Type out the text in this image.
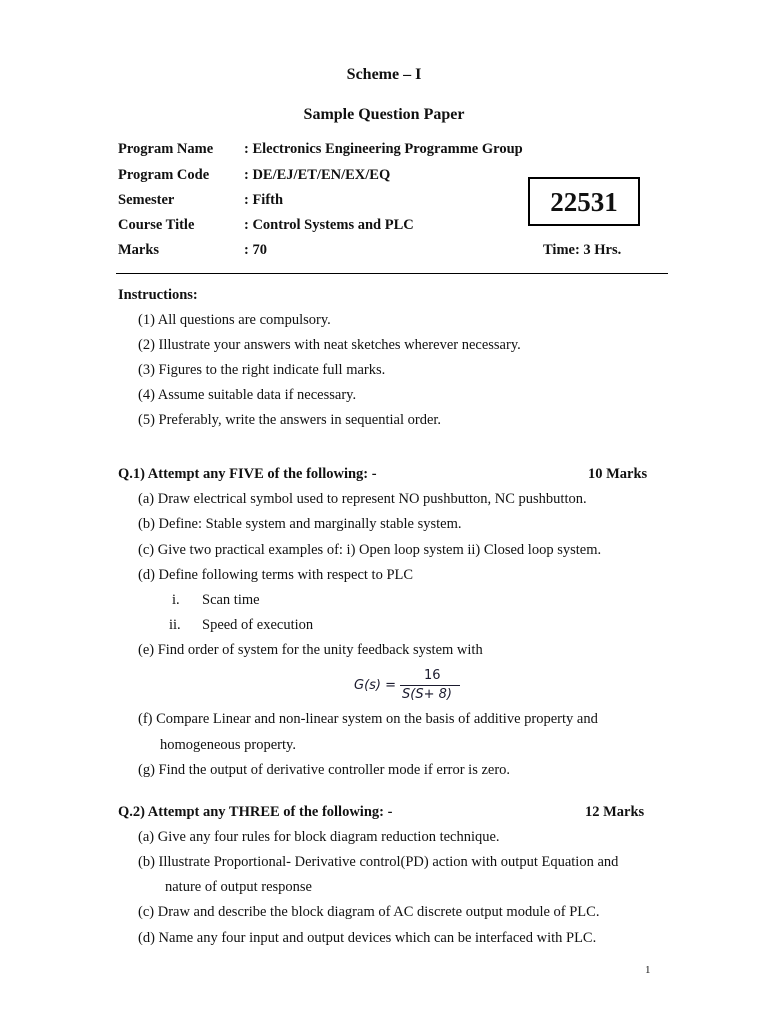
Scheme – I
Sample Question Paper
Program Name : Electronics Engineering Programme Group
Program Code : DE/EJ/ET/EN/EX/EQ
Semester	: Fifth
Course Title	: Control Systems and PLC
Marks	: 70
22531
Time: 3 Hrs.
Instructions:
(1) All questions are compulsory.
(2) Illustrate your answers with neat sketches wherever necessary.
(3) Figures to the right indicate full marks.
(4) Assume suitable data if necessary.
(5) Preferably, write the answers in sequential order.
Q.1) Attempt any FIVE of the following: -	10 Marks
(a) Draw electrical symbol used to represent NO pushbutton, NC pushbutton.
(b) Define: Stable system and marginally stable system.
(c) Give two practical examples of: i) Open loop system ii) Closed loop system.
(d) Define following terms with respect to PLC
i. Scan time
ii. Speed of execution
(e) Find order of system for the unity feedback system with
G(s) =
16
S(S+ 8)
(f) Compare Linear and non-linear system on the basis of additive property and
homogeneous property.
(g) Find the output of derivative controller mode if error is zero.
Q.2) Attempt any THREE of the following: -	12 Marks
(a) Give any four rules for block diagram reduction technique.
(b) Illustrate Proportional- Derivative control(PD) action with output Equation and
nature of output response
(c) Draw and describe the block diagram of AC discrete output module of PLC.
(d) Name any four input and output devices which can be interfaced with PLC.
1
